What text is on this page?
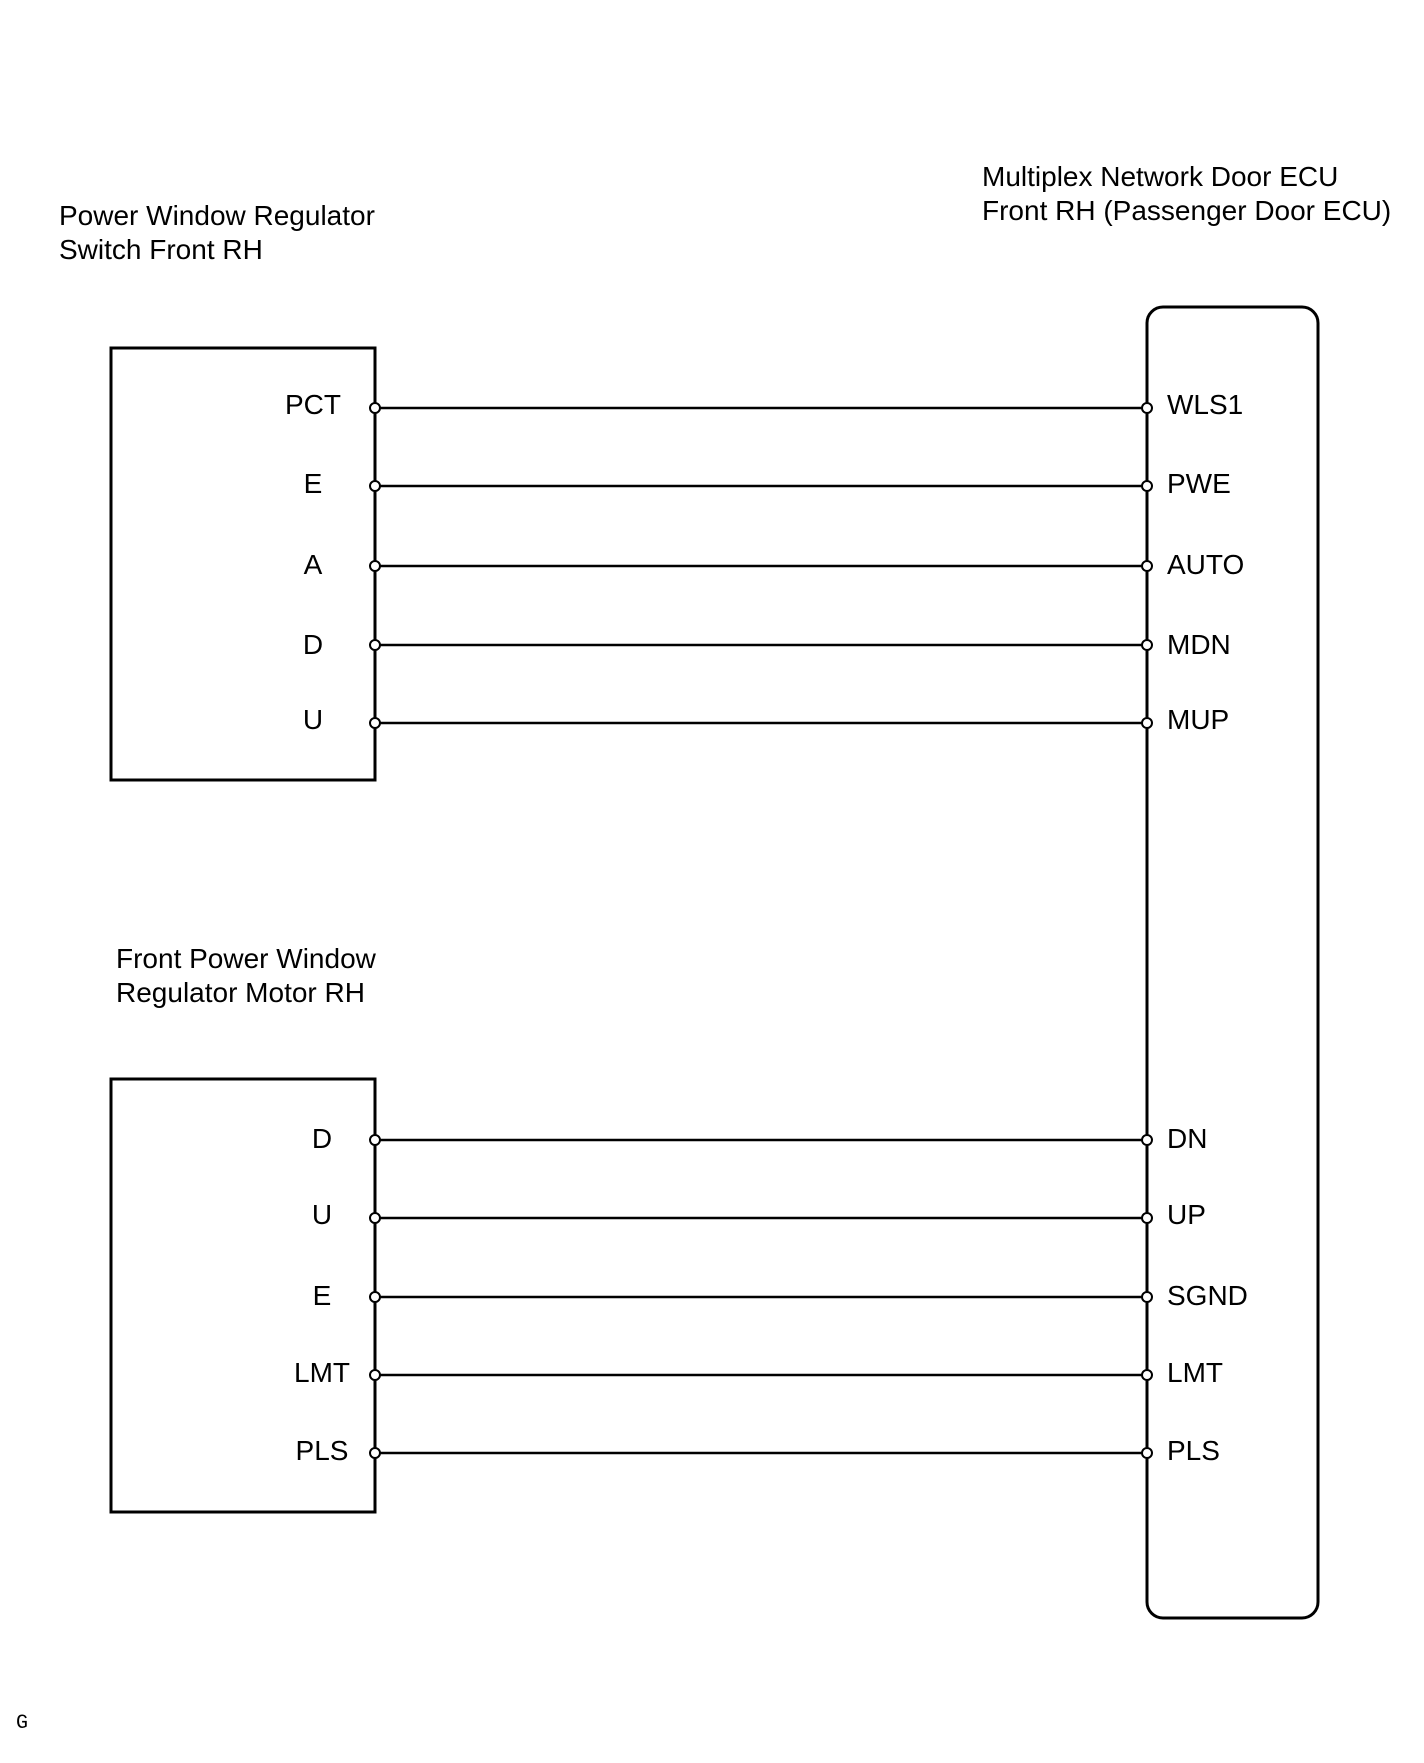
Power Window Regulator
Switch Front RH
Front Power Window
Regulator Motor RH
Multiplex Network Door ECU
Front RH (Passenger Door ECU)
PCT	WLS1
E	PWE
A	AUTO
D	MDN
U	MUP
D	DN
U	UP
E	SGND
LMT	LMT
PLS	PLS
G
